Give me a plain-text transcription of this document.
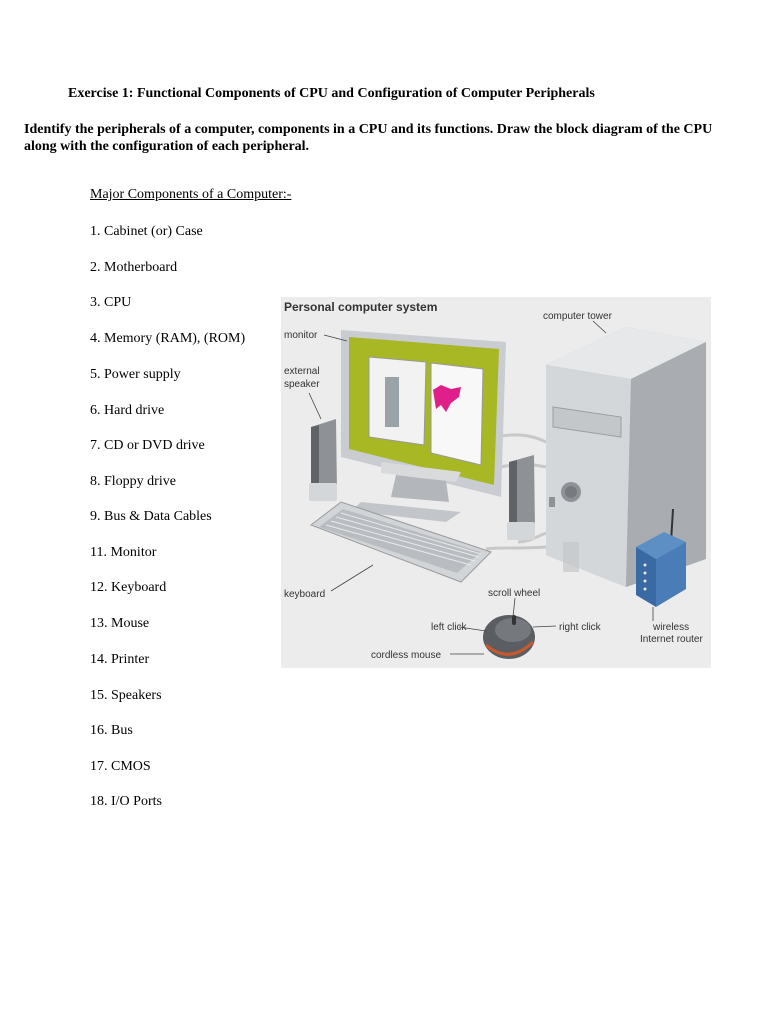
Exercise 1: Functional Components of CPU and Configuration of Computer Peripherals
Identify the peripherals of a computer, components in a CPU and its functions. Draw the block diagram of the CPU along with the configuration of each peripheral.
Major Components of a Computer:-
1. Cabinet (or) Case
2. Motherboard
3. CPU
4. Memory (RAM), (ROM)
5. Power supply
6. Hard drive
7. CD or DVD drive
8. Floppy drive
9. Bus & Data Cables
11. Monitor
12. Keyboard
13. Mouse
14. Printer
15. Speakers
16. Bus
17. CMOS
18. I/O Ports
Personal computer system
monitor
external
speaker
computer tower
keyboard	scroll wheel
left click	right click
cordless mouse
wireless
Internet router
